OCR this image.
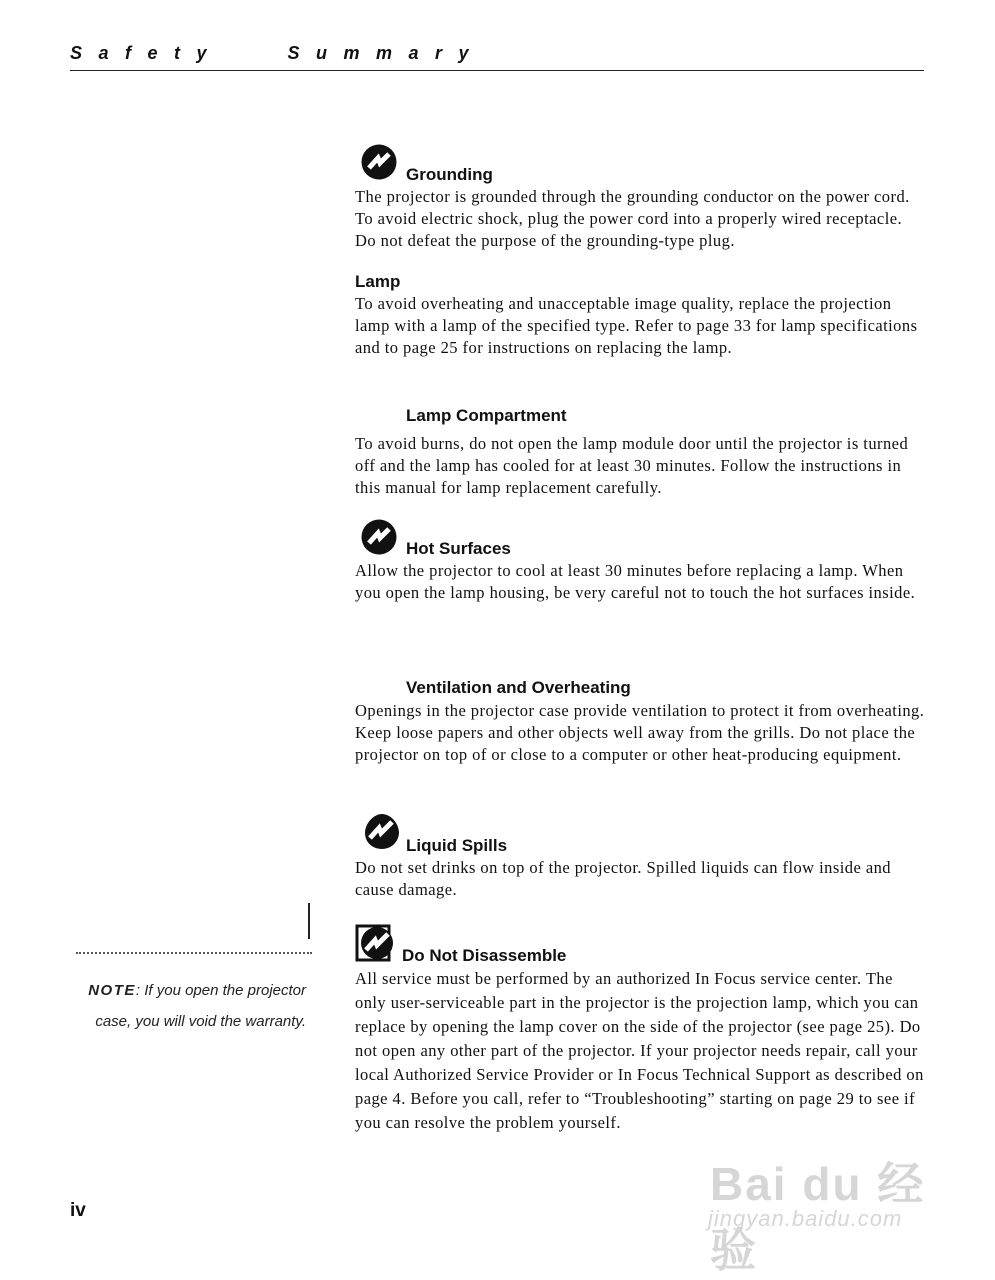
Safety   Summary
Grounding

The projector is grounded through the grounding conductor on the power cord. To avoid electric shock, plug the power cord into a properly wired receptacle. Do not defeat the purpose of the grounding-type plug.

Lamp

To avoid overheating and unacceptable image quality, replace the projection lamp with a lamp of the specified type. Refer to page 33 for lamp specifications and to page 25 for instructions on replacing the lamp.

Lamp Compartment

To avoid burns, do not open the lamp module door until the projector is turned off and the lamp has cooled for at least 30 minutes. Follow the instructions in this manual for lamp replacement carefully.

Hot Surfaces

Allow the projector to cool at least 30 minutes before replacing a lamp. When you open the lamp housing, be very careful not to touch the hot surfaces inside.

Ventilation and Overheating

Openings in the projector case provide ventilation to protect it from overheating. Keep loose papers and other objects well away from the grills. Do not place the projector on top of or close to a computer or other heat-producing equipment.

Liquid Spills

Do not set drinks on top of the projector. Spilled liquids can flow inside and cause damage.

Do Not Disassemble

All service must be performed by an authorized In Focus service center. The only user-serviceable part in the projector is the projection lamp, which you can replace by opening the lamp cover on the side of the projector (see page 25). Do not open any other part of the projector. If your projector needs repair, call your local Authorized Service Provider or In Focus Technical Support as described on page 4. Before you call, refer to “Troubleshooting” starting on page 29 to see if you can resolve the problem yourself.

NOTE: If you open the projector case, you will void the warranty.
iv
Bai du 经验
jingyan.baidu.com
